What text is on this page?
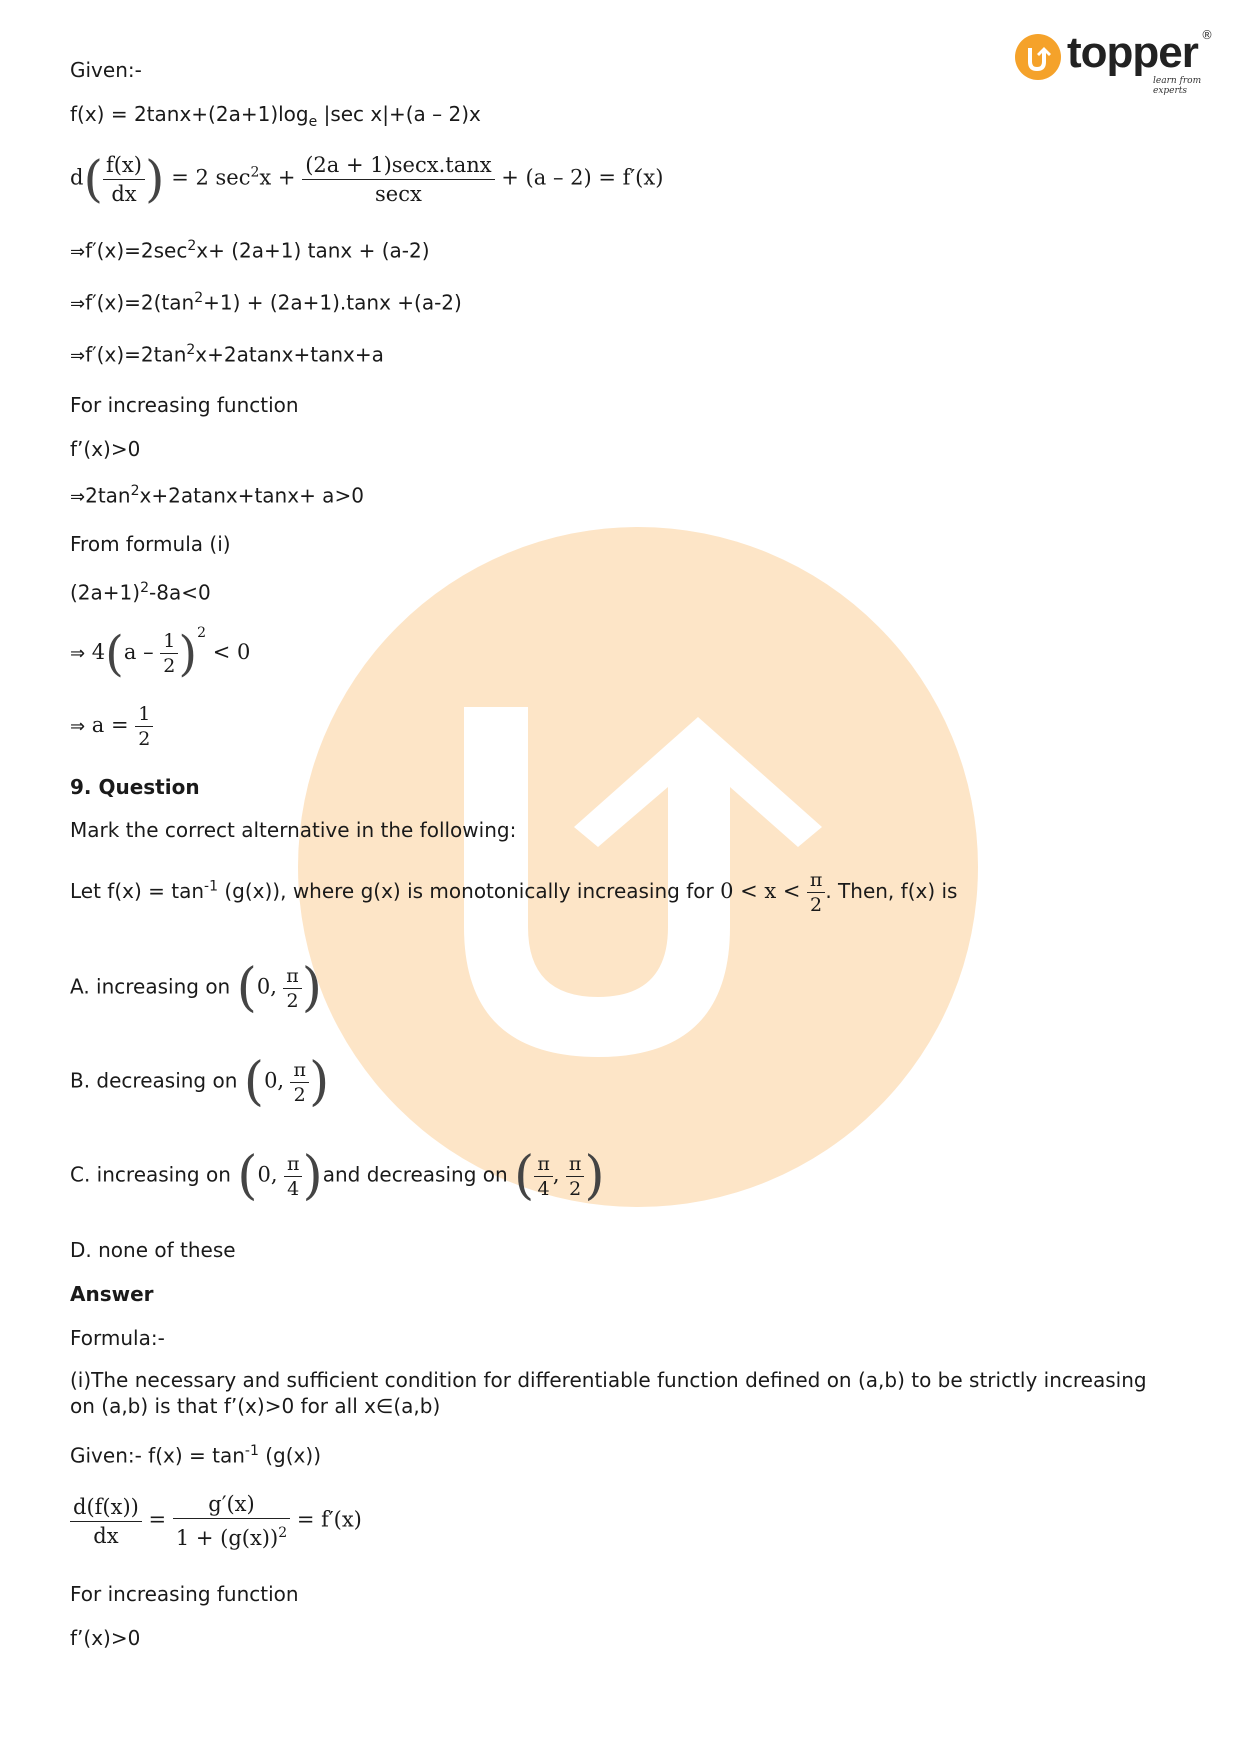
topper
learn from experts
®
Given:-
$f(x) = 2\tan x+(2a+1)\log_e$ |sec x|+(a – 2)x
$d( \frac{f(x)}{dx}$ ) = 2 $\sec^2x + \frac{(2a + 1)\sec x.\tan x}{\sec x} + (a - 2) = f'(x)$
$\Rightarrow f'(x)=2\sec^2x+ (2a+1) \tan x + (a-2)$
$\Rightarrow f'(x)=2(\tan^2+1) + (2a+1).\tan x +(a-2)$
$\Rightarrow f'(x)=2\tan^2x+2atanx+\tan x+a$
For increasing function
f’(x)>0
$\Rightarrow 2\tan^2x+2atanx+\tan x+ a>0$
From formula (i)
$(2a+1)^2-8a<0$
⇒ $4(a - \frac{1}{2} )^2 < 0$
⇒ $a = \frac{1}{2}$
9. Question
Mark the correct alternative in the following:
Let $f(x) = \tan^{-1} (g(x))$, where g(x) is monotonically increasing for $0 < x < \frac{\pi}{2}$ . Then, f(x) is
A. increasing on (0, $\frac{\pi}{2}$ )
B. decreasing on (0, $\frac{\pi}{2}$ )
C. increasing on (0, $\frac{\pi}{4} )and$ decreasing on ( $\frac{\pi}{4}$ , $\frac{\pi}{2}$ )
D. none of these
Answer
Formula:-
(i)The necessary and sufficient condition for differentiable function defined on (a,b) to be strictly increasing on (a,b) is that f’(x)>0 for all x∈(a,b)
Given:- $f(x) = \tan^{-1} (g(x))$
$\frac{d(f(x))}{dx} = \frac{g'(x)}{1 + (g(x))^2} = f'(x)$
For increasing function
f’(x)>0
